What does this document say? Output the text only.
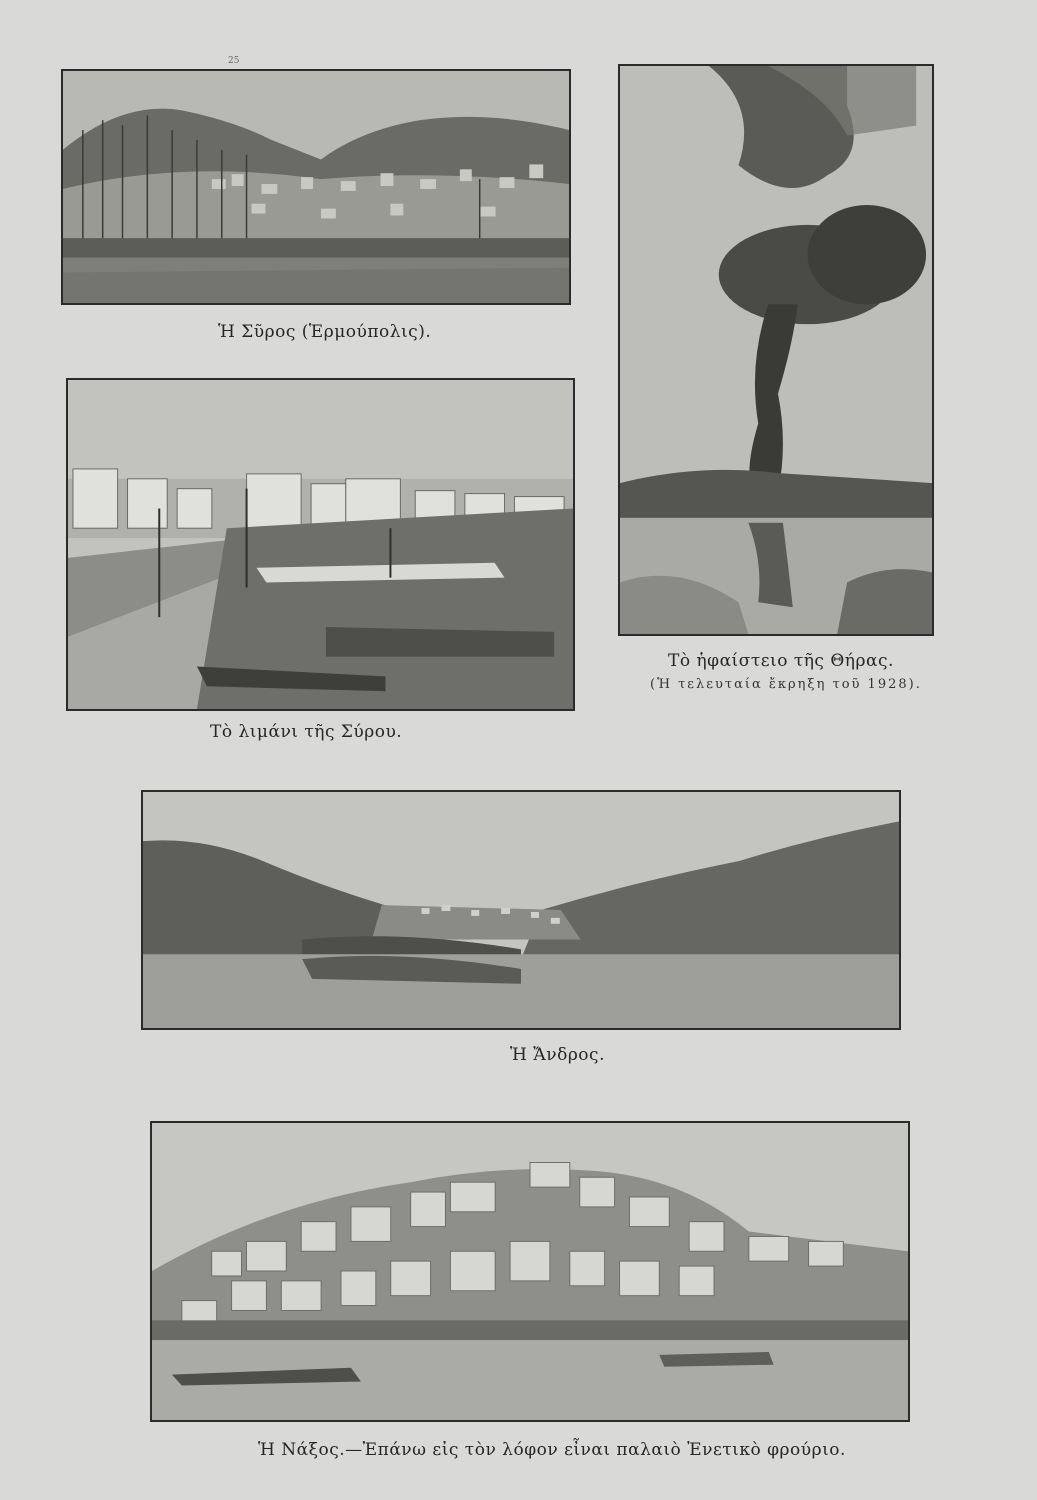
25
Ἡ Σῦρος (Ἑρμούπολις).
Τὸ λιμάνι τῆς Σύρου.
Τὸ ἡφαίστειο τῆς Θήρας.
(Ἡ τελευταία ἔκρηξη τοῦ 1928).
Ἡ Ἄνδρος.
Ἡ Νάξος.—Ἐπάνω εἰς τὸν λόφον εἶναι παλαιὸ Ἐνετικὸ φρούριο.
